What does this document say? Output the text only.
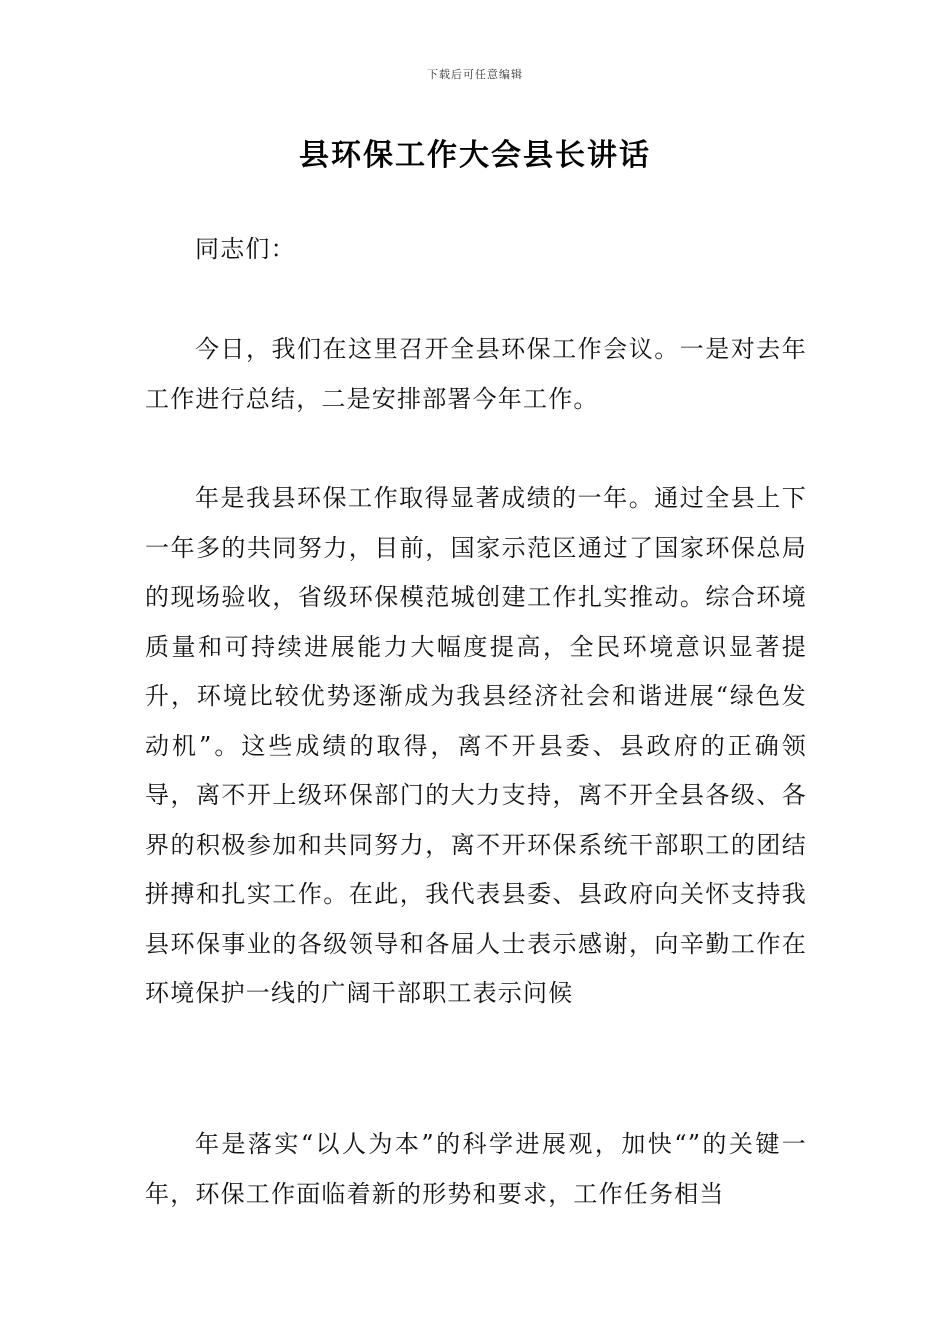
下载后可任意编辑
县环保工作大会县长讲话

同志们：

今日，我们在这里召开全县环保工作会议。一是对去年工作进行总结，二是安排部署今年工作。

年是我县环保工作取得显著成绩的一年。通过全县上下一年多的共同努力，目前，国家示范区通过了国家环保总局的现场验收，省级环保模范城创建工作扎实推动。综合环境质量和可持续进展能力大幅度提高，全民环境意识显著提升，环境比较优势逐渐成为我县经济社会和谐进展“绿色发动机”。这些成绩的取得，离不开县委、县政府的正确领导，离不开上级环保部门的大力支持，离不开全县各级、各界的积极参加和共同努力，离不开环保系统干部职工的团结拼搏和扎实工作。在此，我代表县委、县政府向关怀支持我县环保事业的各级领导和各届人士表示感谢，向辛勤工作在环境保护一线的广阔干部职工表示问候

年是落实“以人为本”的科学进展观，加快“”的关键一年，环保工作面临着新的形势和要求，工作任务相当
